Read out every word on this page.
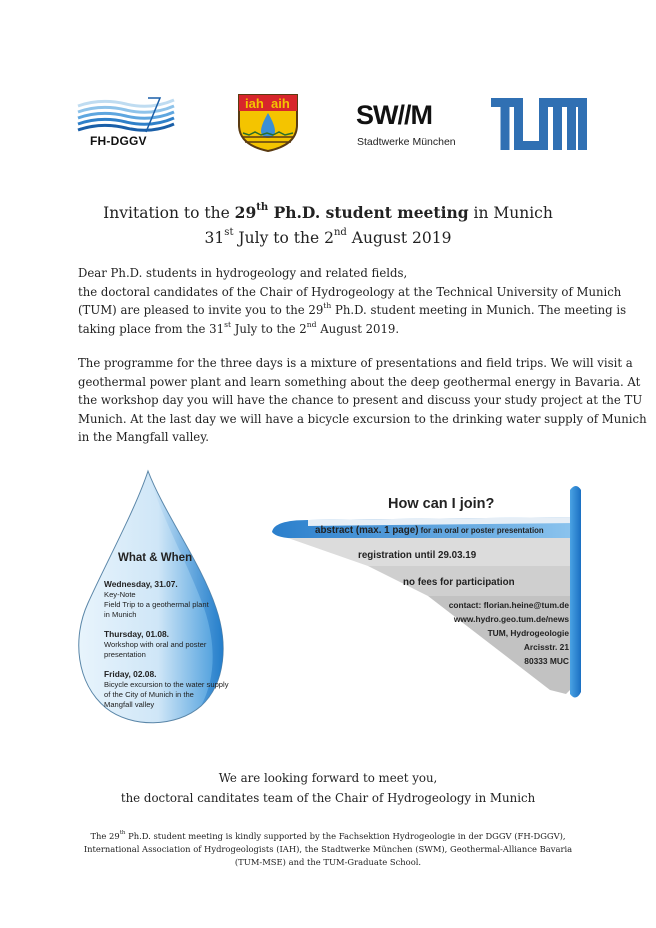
FH-DGGV
iah aih SW//M
Stadtwerke München
Invitation to the 29th Ph.D. student meeting in Munich
31st July to the 2nd August 2019
Dear Ph.D. students in hydrogeology and related fields,
the doctoral candidates of the Chair of Hydrogeology at the Technical University of Munich
(TUM) are pleased to invite you to the 29th Ph.D. student meeting in Munich. The meeting is
taking place from the 31st July to the 2nd August 2019.
The programme for the three days is a mixture of presentations and field trips. We will visit a
geothermal power plant and learn something about the deep geothermal energy in Bavaria. At
the workshop day you will have the chance to present and discuss your study project at the TU
Munich. At the last day we will have a bicycle excursion to the drinking water supply of Munich
in the Mangfall valley.
What & When
Wednesday, 31.07.
Key-Note
Field Trip to a geothermal plant
in Munich
Thursday, 01.08.
Workshop with oral and poster
presentation
Friday, 02.08.
Bicycle excursion to the water supply
of the City of Munich in the
Mangfall valley
How can I join?
abstract (max. 1 page) for an oral or poster presentation
registration until 29.03.19
no fees for participation
contact: florian.heine@tum.de
www.hydro.geo.tum.de/news
TUM, Hydrogeologie
Arcisstr. 21
80333 MUC
We are looking forward to meet you,
the doctoral canditates team of the Chair of Hydrogeology in Munich
The 29th Ph.D. student meeting is kindly supported by the Fachsektion Hydrogeologie in der DGGV (FH-DGGV),
International Association of Hydrogeologists (IAH), the Stadtwerke München (SWM), Geothermal-Alliance Bavaria
(TUM-MSE) and the TUM-Graduate School.
